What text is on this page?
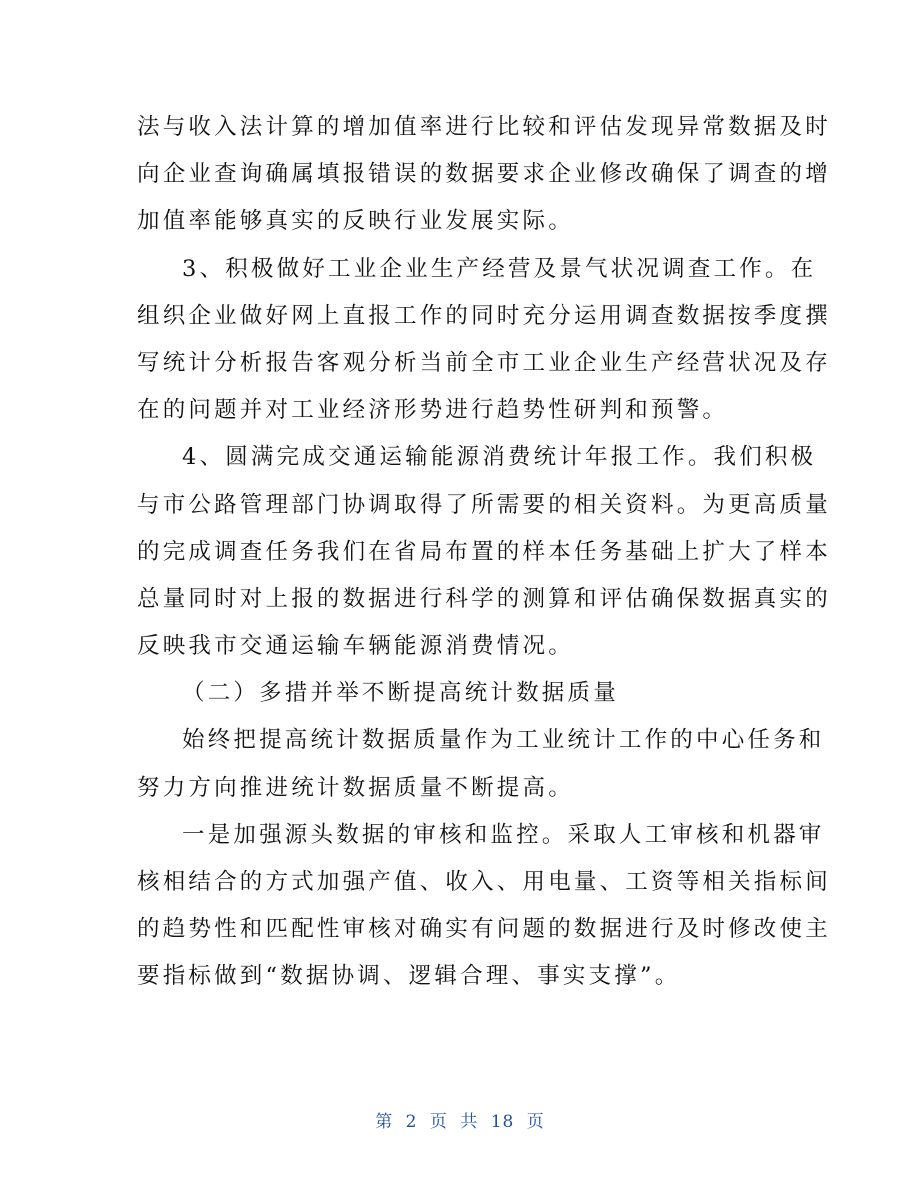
法与收入法计算的增加值率进行比较和评估发现异常数据及时
向企业查询确属填报错误的数据要求企业修改确保了调查的增
加值率能够真实的反映行业发展实际。
3、积极做好工业企业生产经营及景气状况调查工作。在
组织企业做好网上直报工作的同时充分运用调查数据按季度撰
写统计分析报告客观分析当前全市工业企业生产经营状况及存
在的问题并对工业经济形势进行趋势性研判和预警。
4、圆满完成交通运输能源消费统计年报工作。我们积极
与市公路管理部门协调取得了所需要的相关资料。为更高质量
的完成调查任务我们在省局布置的样本任务基础上扩大了样本
总量同时对上报的数据进行科学的测算和评估确保数据真实的
反映我市交通运输车辆能源消费情况。
（二）多措并举不断提高统计数据质量
始终把提高统计数据质量作为工业统计工作的中心任务和
努力方向推进统计数据质量不断提高。
一是加强源头数据的审核和监控。采取人工审核和机器审
核相结合的方式加强产值、收入、用电量、工资等相关指标间
的趋势性和匹配性审核对确实有问题的数据进行及时修改使主
要指标做到“数据协调、逻辑合理、事实支撑”。
第 2 页 共 18 页
